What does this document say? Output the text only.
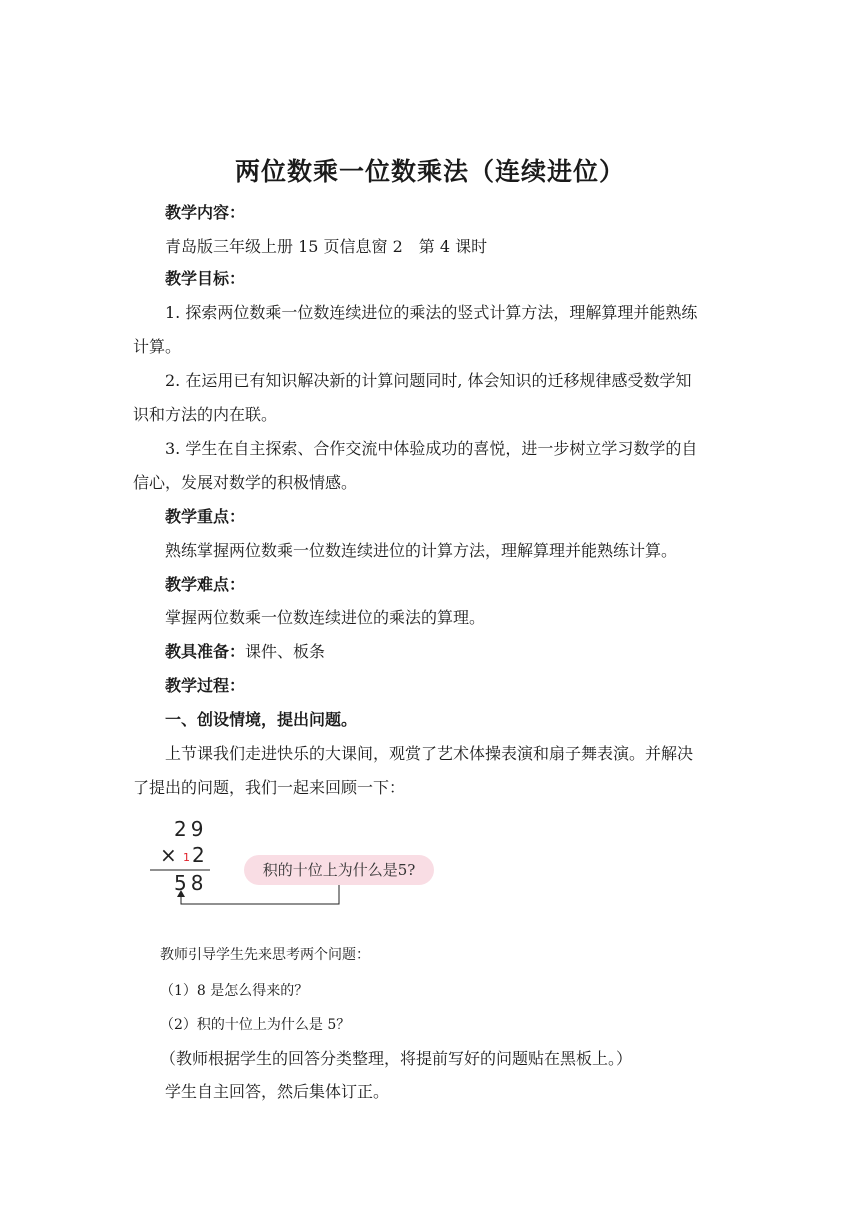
两位数乘一位数乘法（连续进位）
教学内容：
青岛版三年级上册 15 页信息窗 2　第 4 课时
教学目标：
1. 探索两位数乘一位数连续进位的乘法的竖式计算方法，理解算理并能熟练
计算。
2. 在运用已有知识解决新的计算问题同时, 体会知识的迁移规律感受数学知
识和方法的内在联。
3. 学生在自主探索、合作交流中体验成功的喜悦，进一步树立学习数学的自
信心，发展对数学的积极情感。
教学重点：
熟练掌握两位数乘一位数连续进位的计算方法，理解算理并能熟练计算。
教学难点：
掌握两位数乘一位数连续进位的乘法的算理。
教具准备：课件、板条
教学过程：
一、创设情境，提出问题。
上节课我们走进快乐的大课间，观赏了艺术体操表演和扇子舞表演。并解决
了提出的问题，我们一起来回顾一下：
29
× 1 2
58
积的十位上为什么是5?
教师引导学生先来思考两个问题：
（1）8 是怎么得来的？
（2）积的十位上为什么是 5？
（教师根据学生的回答分类整理，将提前写好的问题贴在黑板上。）
学生自主回答，然后集体订正。
